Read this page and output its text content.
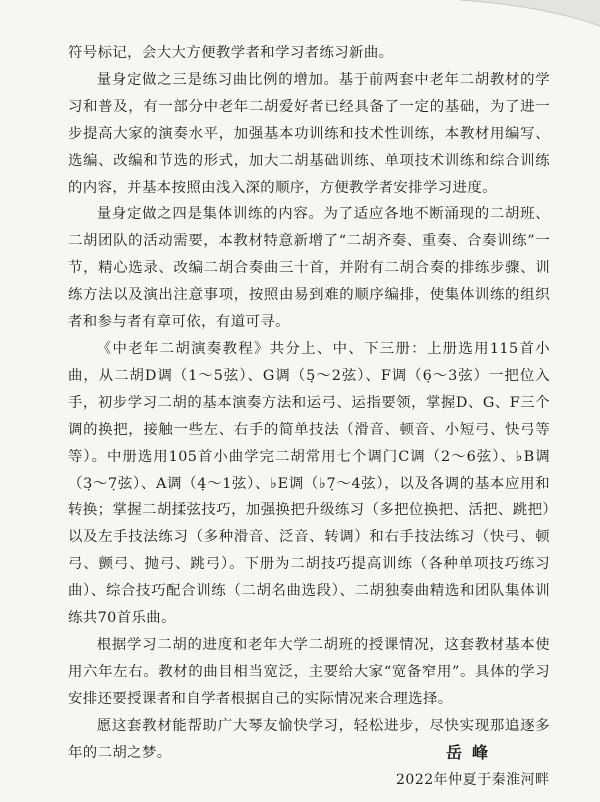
符号标记，会大大方便教学者和学习者练习新曲。

量身定做之三是练习曲比例的增加。基于前两套中老年二胡教材的学习和普及，有一部分中老年二胡爱好者已经具备了一定的基础，为了进一步提高大家的演奏水平，加强基本功训练和技术性训练，本教材用编写、选编、改编和节选的形式，加大二胡基础训练、单项技术训练和综合训练的内容，并基本按照由浅入深的顺序，方便教学者安排学习进度。

量身定做之四是集体训练的内容。为了适应各地不断涌现的二胡班、二胡团队的活动需要，本教材特意新增了“二胡齐奏、重奏、合奏训练”一节，精心选录、改编二胡合奏曲三十首，并附有二胡合奏的排练步骤、训练方法以及演出注意事项，按照由易到难的顺序编排，使集体训练的组织者和参与者有章可依，有道可寻。

《中老年二胡演奏教程》共分上、中、下三册：上册选用115首小曲，从二胡D调（1～5弦）、G调（5̣～2弦）、F调（6̣～3弦）一把位入手，初步学习二胡的基本演奏方法和运弓、运指要领，掌握D、G、F三个调的换把，接触一些左、右手的简单技法（滑音、顿音、小短弓、快弓等等）。中册选用105首小曲学完二胡常用七个调门C调（2～6弦）、♭B调（3̣～7̣弦）、A调（4̣～1弦）、♭E调（♭7̣～4弦），以及各调的基本应用和转换；掌握二胡揉弦技巧，加强换把升级练习（多把位换把、活把、跳把）以及左手技法练习（多种滑音、泛音、转调）和右手技法练习（快弓、顿弓、颤弓、抛弓、跳弓）。下册为二胡技巧提高训练（各种单项技巧练习曲）、综合技巧配合训练（二胡名曲选段）、二胡独奏曲精选和团队集体训练共70首乐曲。

根据学习二胡的进度和老年大学二胡班的授课情况，这套教材基本使用六年左右。教材的曲目相当宽泛，主要给大家“宽备窄用”。具体的学习安排还要授课者和自学者根据自己的实际情况来合理选择。

愿这套教材能帮助广大琴友愉快学习，轻松进步，尽快实现那追逐多年的二胡之梦。	岳峰
2022年仲夏于秦淮河畔
